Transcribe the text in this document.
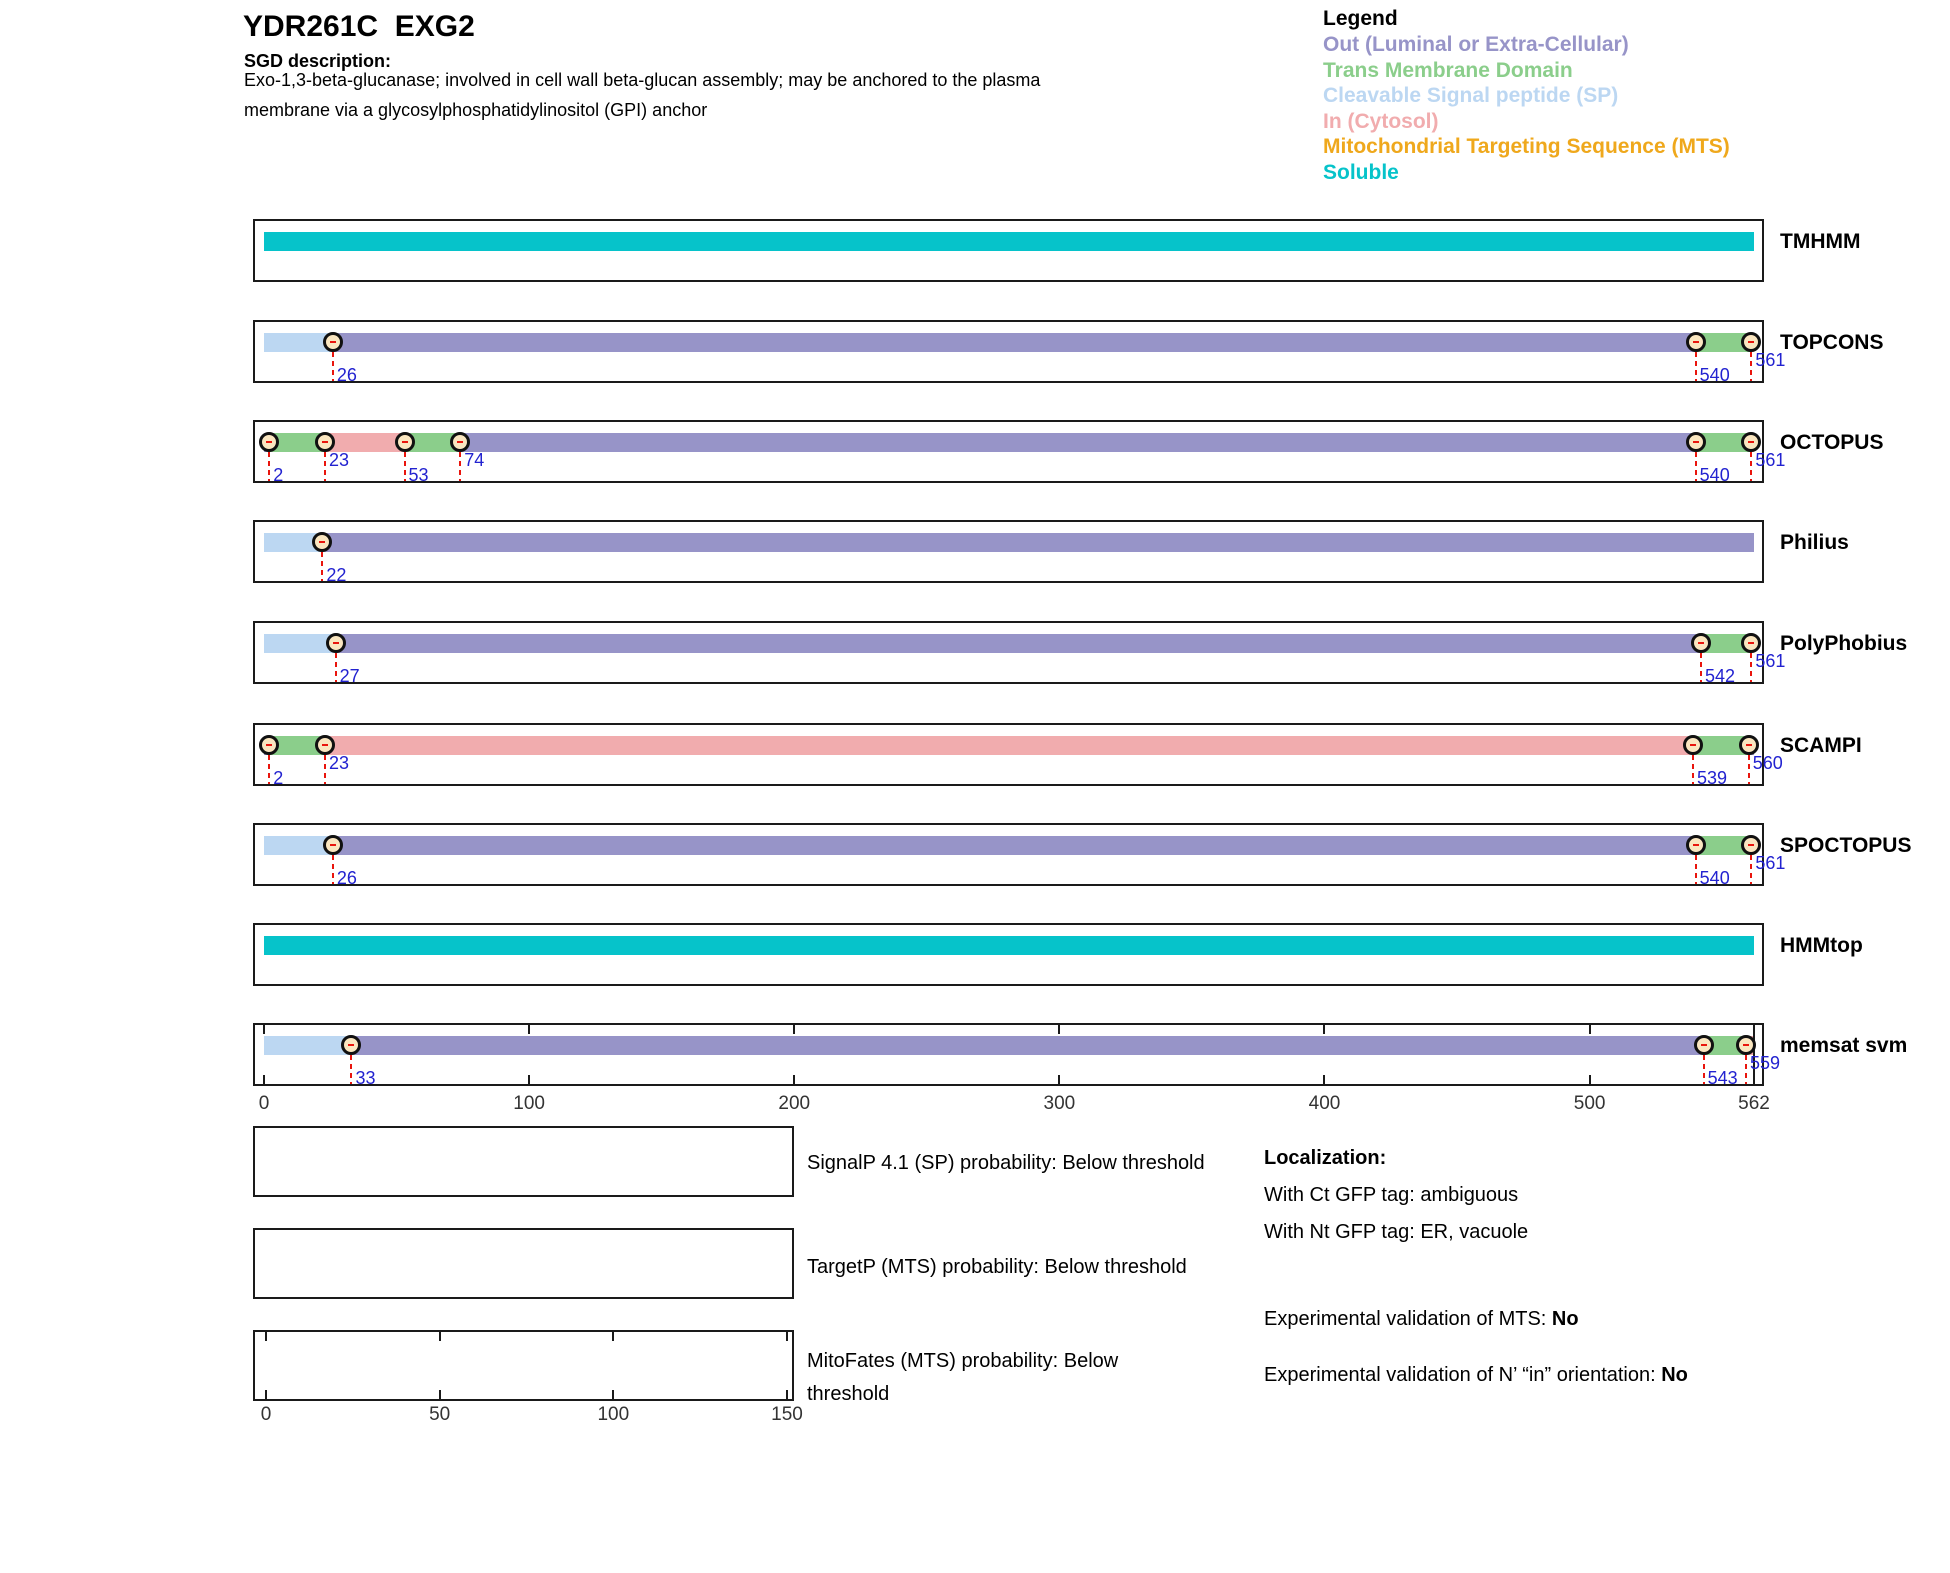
YDR261C  EXG2
SGD description:
Exo-1,3-beta-glucanase; involved in cell wall beta-glucan assembly; may be anchored to the plasma
membrane via a glycosylphosphatidylinositol (GPI) anchor
Legend
Out (Luminal or Extra-Cellular)
Trans Membrane Domain
Cleavable Signal peptide (SP)
In (Cytosol)
Mitochondrial Targeting Sequence (MTS)
Soluble
TMHMM
26	540
561
TOPCONS
2
23
53
74
540
561
OCTOPUS
22
Philius
27	542
561
PolyPhobius
2
23
539
560
SCAMPI
26	540
561
SPOCTOPUS
HMMtop
33	543
559
memsat svm
0	100	200	300	400	500	562
SignalP 4.1 (SP) probability: Below threshold
TargetP (MTS) probability: Below threshold
MitoFates (MTS) probability: Below threshold
0	50	100	150
Localization:
With Ct GFP tag: ambiguous
With Nt GFP tag: ER, vacuole
Experimental validation of MTS: No
Experimental validation of N’ “in” orientation: No
